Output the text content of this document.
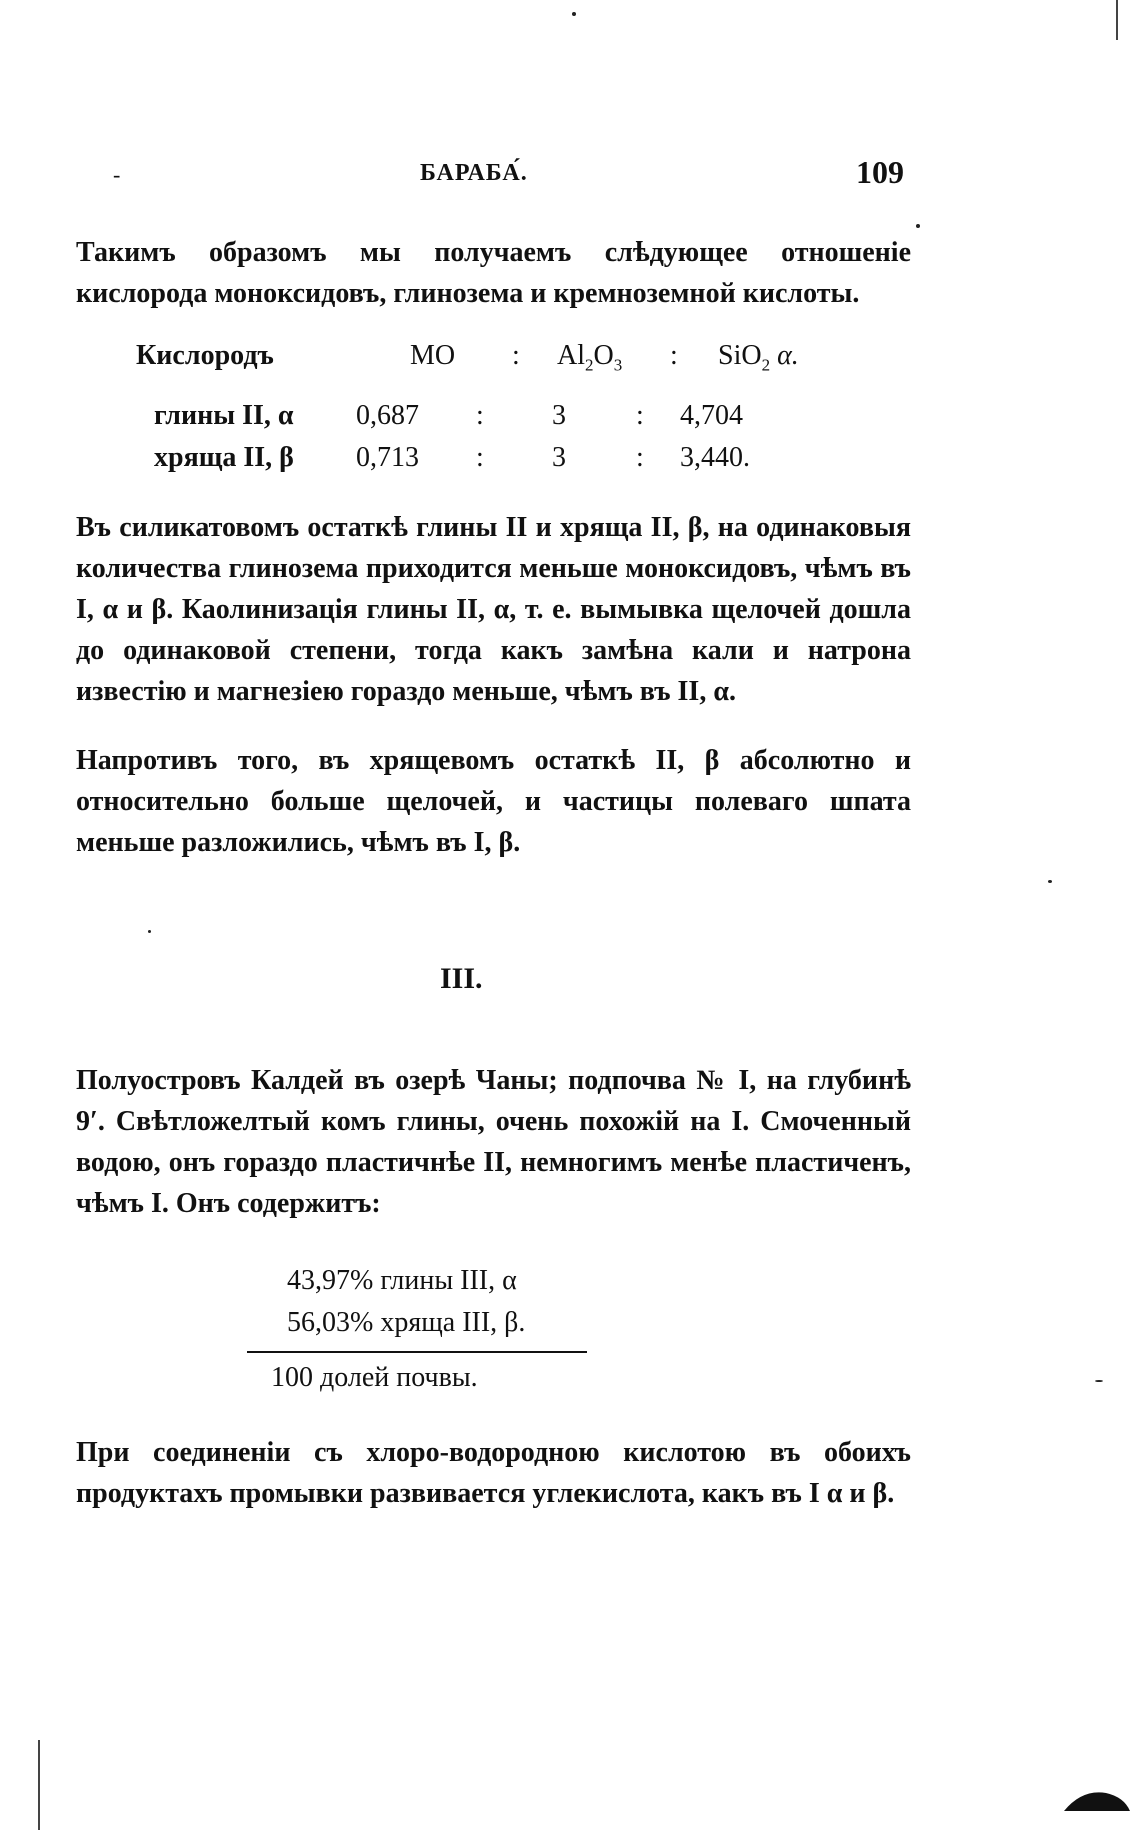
-	БАРАБА́.	109

Такимъ образомъ мы получаемъ слѣдующее отношеніе кислорода моноксидовъ, глинозема и кремноземной кислоты.

Кислородъ	MO : $Al_2O_3$ : SiO$_2$ α.
глины II, α 0,687 : 3	: 4,704
хряща II, β 0,713 : 3	: 3,440.

Въ силикатовомъ остаткѣ глины II и хряща II, β, на одинаковыя количества глинозема приходится меньше моноксидовъ, чѣмъ въ I, α и β. Каолинизація глины II, α, т. е. вымывка щелочей дошла до одинаковой степени, тогда какъ замѣна кали и натрона известію и магнезіею гораздо меньше, чѣмъ въ II, α.

Напротивъ того, въ хрящевомъ остаткѣ II, β абсолютно и относительно больше щелочей, и частицы полеваго шпата меньше разложились, чѣмъ въ I, β.

III.

Полуостровъ Калдей въ озерѣ Чаны; подпочва № I, на глубинѣ 9′. Свѣтложелтый комъ глины, очень похожій на I. Смоченный водою, онъ гораздо пластичнѣе II, немногимъ менѣе пластиченъ, чѣмъ I. Онъ содержитъ:

43,97% глины III, α
56,03% хряща III, β.
100 долей почвы.

При соединеніи съ хлоро-водородною кислотою въ обоихъ продуктахъ промывки развивается углекислота, какъ въ I α и β.
